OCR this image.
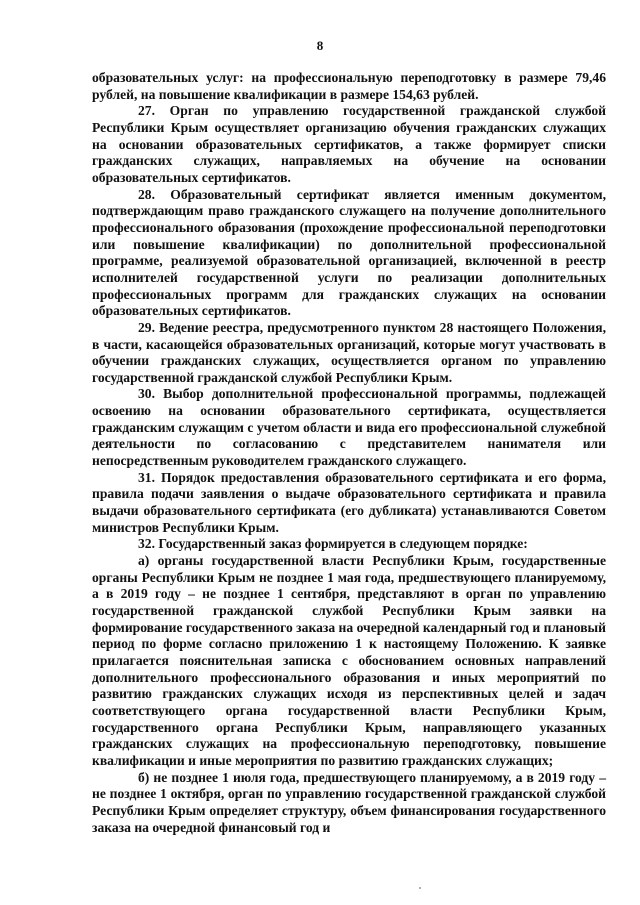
8

образовательных услуг: на профессиональную переподготовку в размере 79,46 рублей, на повышение квалификации в размере 154,63 рублей.

27. Орган по управлению государственной гражданской службой Республики Крым осуществляет организацию обучения гражданских служащих на основании образовательных сертификатов, а также формирует списки гражданских служащих, направляемых на обучение на основании образовательных сертификатов.

28. Образовательный сертификат является именным документом, подтверждающим право гражданского служащего на получение дополнительного профессионального образования (прохождение профессиональной переподготовки или повышение квалификации) по дополнительной профессиональной программе, реализуемой образовательной организацией, включенной в реестр исполнителей государственной услуги по реализации дополнительных профессиональных программ для гражданских служащих на основании образовательных сертификатов.

29. Ведение реестра, предусмотренного пунктом 28 настоящего Положения, в части, касающейся образовательных организаций, которые могут участвовать в обучении гражданских служащих, осуществляется органом по управлению государственной гражданской службой Республики Крым.

30. Выбор дополнительной профессиональной программы, подлежащей освоению на основании образовательного сертификата, осуществляется гражданским служащим с учетом области и вида его профессиональной служебной деятельности по согласованию с представителем нанимателя или непосредственным руководителем гражданского служащего.

31. Порядок предоставления образовательного сертификата и его форма, правила подачи заявления о выдаче образовательного сертификата и правила выдачи образовательного сертификата (его дубликата) устанавливаются Советом министров Республики Крым.

32. Государственный заказ формируется в следующем порядке:

а) органы государственной власти Республики Крым, государственные органы Республики Крым не позднее 1 мая года, предшествующего планируемому, а в 2019 году – не позднее 1 сентября, представляют в орган по управлению государственной гражданской службой Республики Крым заявки на формирование государственного заказа на очередной календарный год и плановый период по форме согласно приложению 1 к настоящему Положению. К заявке прилагается пояснительная записка с обоснованием основных направлений дополнительного профессионального образования и иных мероприятий по развитию гражданских служащих исходя из перспективных целей и задач соответствующего органа государственной власти Республики Крым, государственного органа Республики Крым, направляющего указанных гражданских служащих на профессиональную переподготовку, повышение квалификации и иные мероприятия по развитию гражданских служащих;

б) не позднее 1 июля года, предшествующего планируемому, а в 2019 году – не позднее 1 октября, орган по управлению государственной гражданской службой Республики Крым определяет структуру, объем финансирования государственного заказа на очередной финансовый год и
